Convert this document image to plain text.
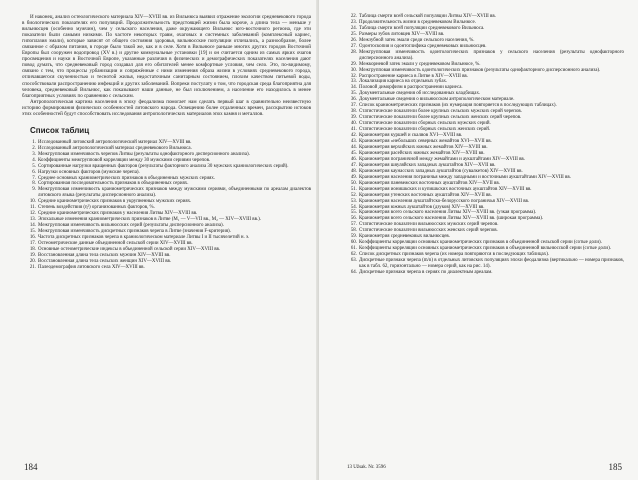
И наконец, анализ остеологического материала XIV—XVIII вв. из Вильнюса выявил отражение экологии средневекового города в биологических показателях его популяций. Продолжительность предстоящей жизни была короче, а длина тела — меньше у вильнюсцев (особенно мужчин), чем у сельского населения, даже окружающего Вильнюс юго-восточного региона, где эти показатели были самыми низкими. По частоте некоторых травм, очаговых и системных заболеваний (комплексный кариес, гипоплазия эмали), которые зависят от общего состояния здоровья, вильнюсские популяции отличались, а разнообразие, более связанное с образом питания, в городе было такой же, как и в селе. Хотя в Вильнюсе раньше многих других городов Восточной Европы был сооружен водопровод (XV в.) и другие коммунальные установки [19] и он считается одним из самых ярких очагов просвещения и науки в Восточной Европе, указанные различия в физических и демографических показателях населения дают повод думать, что средневековый город создавал для его обитателей менее комфортные условия, чем село. Это, по-видимому, связано с тем, что процессы урбанизации и сопряжённые с ними изменения образа жизни в условиях средневекового города, отличавшегося скученностью и теснотой жилья, недостаточным санитарным состоянием, плохим качеством питьевой воды, способствовали распространению инфекций и других заболеваний. Вопреки постулату о том, что городская среда благоприятна для человека, средневековый Вильнюс, как показывают наши данные, не был исключением, а население его находилось в менее благоприятных условиях по сравнению с сельским.

Антропологическая картина населения в эпоху феодализма помогает нам сделать первый шаг в сравнительно неизвестную историю формирования физических особенностей литовского народа. Освещению более отдаленных времен, расскрытию истоков этих особенностей будут способствовать исследования антропологических материалов эпох камня и металлов.

Список таблиц
1. Исследованный литовский антропологический материал XIV—XVIII вв.
2. Исследованный антропологический материал средневекового Вильнюса.
3. Межгрупповая изменчивость черепов Литвы (результаты однофакторного дисперсионного анализа).
4. Коэффициенты межгрупповой корреляции между 30 мужскими сериями черепов.
5. Сортированные нагрузки вращенных факторов (результаты факторного анализа 30 мужских краниологических серий).
6. Нагрузки основных факторов (мужские черепа).
7. Среднее основных краниометрических признаков в объединенных мужских сериях.
8. Сортированная последовательность признаков в объединенных сериях.
9. Межгрупповая изменчивость краниометрических признаков между мужскими сериями, объединенными по ареалам диалектов литовского языка (результаты дисперсионного анализа).
10. Средние краниометрических признаков в укрупненных мужских сериях.
11. Степень воздействия (η²) организованных факторов, %.
12. Средние краниометрических признаков у населения Литвы XIV—XVIII вв.
13. Эпохальные изменения краниометрических признаков в Литве (M₁ — V—VII вв., M₂ — XIV—XVIII вв.).
14. Межгрупповая изменчивость вильнюсских серий (результаты дисперсионного анализа).
15. Межгрупповая изменчивость дискретных признаков черепа в Литве (значения F-критерия).
16. Частота дискретных признаков черепа в краниологическом материале Литвы I и II тысячелетий н. э.
17. Остеометрические данные объединенной сельской серии XIV—XVIII вв.
18. Основные остеометрические индексы в объединенной сельской серии XIV—XVIII вв.
19. Восстановленная длина тела сельских мужчин XIV—XVIII вв.
20. Восстановленная длина тела сельских женщин XIV—XVIII вв.
21. Палеодемография литовского села XIV—XVIII вв.
184
22. Таблица смерти всей сельской популяции Литвы XIV—XVIII вв.
23. Продолжительность жизни в средневековом Вильнюсе.
24. Таблица смерти всей популяции средневекового Вильнюса.
25. Размеры зубов литовцев XIV—XVIII вв.
26. Межзубной затек эмали среди сельского населения, %.
27. Одонтоскопия и одонтоглифика средневековых вильнюсцев.
28. Межгрупповая изменчивость одонтологических признаков у сельского населения (результаты однофакторного дисперсионного анализа).
29. Межкорневой затек эмали у средневековом Вильнюсе, %.
30. Межгрупповая изменчивость одонтологических признаков (результаты однофакторного дисперсионного анализа).
32. Распространение кариеса в Литве в XIV—XVIII вв.
33. Локализация кариеса на отдельных зубах.
34. Половой диморфизм в распространении кариеса.
35. Документальные сведения об исследованных кладбищах.
36. Документальные сведения о вильнюсском антропологическом материале.
37. Список краниометрических признаков (их нумерация повторяется в последующих таблицах).
38. Статистические показатели более крупных сельских мужских серий черепов.
39. Статистические показатели более крупных сельских женских серий черепов.
40. Статистические показатели сборных сельских мужских серий.
41. Статистические показатели сборных сельских женских серий.
42. Краниометрия куршей и скалвов XVI—XVIII вв.
43. Краниометрия «небольших северных жемайтов XVI—XVII вв.
44. Краниометрия верхийских южных жемайтов XIV—XVIII вв.
45. Краниометрия расейских южных жемайтов XIV—XVIII вв.
46. Краниометрия пограничной между жемайтами и аукштайтами XIV—XVIII вв.
47. Краниометрия шяуляйских западных аукштайтов XIV—XVII вв.
48. Краниометрия каунасских западных аукштайтов (сувалкетов) XIV—XVIII вв.
49. Краниометрия населения пограничья между западными и восточными аукштайтами XIV—XVIII вв.
50. Краниометрия паневежских восточных аукштайтов XIV—XVII вв.
51. Краниометрия ионишкских и купишкских восточных аукштайтов XIV—XVIII вв.
52. Краниометрия утенских восточных аукштайтов XIV—XVII вв.
53. Краниометрия населения аукштайтско-белорусского пограничья XIV—XVIII вв.
54. Краниометрия южных аукштайтов (дзуков) XIV—XVIII вв.
55. Краниометрия всего сельского населения Литвы XIV—XVIII вв. (узкая программа).
56. Краниометрия всего сельского населения Литвы XIV—XVIII вв. (широкая программа).
57. Статистические показатели вильнюсских мужских серий черепов.
58. Статистические показатели вильнюсских женских серий черепов.
59. Краниометрия средневековых вильнюсцев.
60. Коэффициенты корреляции основных краниометрических признаков в объединенной сельской серии (сотые доли).
61. Коэффициенты корреляции основных краниометрических признаков в объединенной вильнюсской серии (сотые доли).
62. Список дискретных признаков черепа (их номера повторяются в последующих таблицах).
63. Дискретные признаки черепа (m/n) в отдельных литовских популяциях эпохи феодализма (вертикально — номера признаков, как в табл. 62, горизонтально — номера серий, как на рис. 14).
64. Дискретные признаки черепа в сериях по диалектным ареалам.
13 Užsak. Nr. 3596	185
